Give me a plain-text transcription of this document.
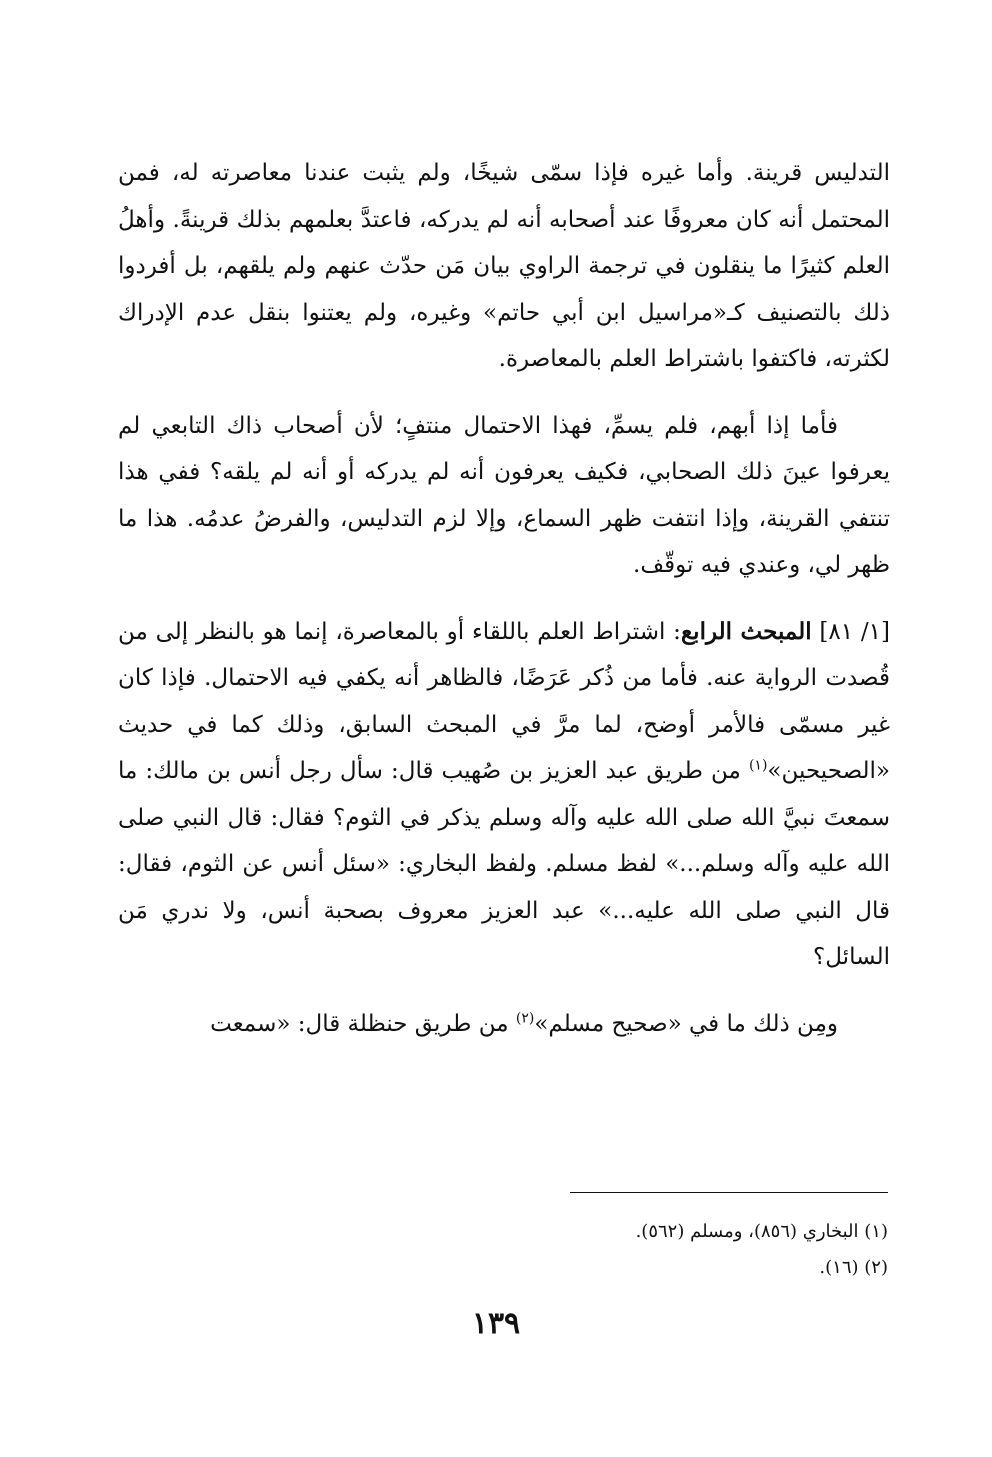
التدليس قرينة. وأما غيره فإذا سمّى شيخًا، ولم يثبت عندنا معاصرته له، فمن المحتمل أنه كان معروفًا عند أصحابه أنه لم يدركه، فاعتدَّ بعلمهم بذلك قرينةً. وأهلُ العلم كثيرًا ما ينقلون في ترجمة الراوي بيان مَن حدّث عنهم ولم يلقهم، بل أفردوا ذلك بالتصنيف كـ«مراسيل ابن أبي حاتم» وغيره، ولم يعتنوا بنقل عدم الإدراك لكثرته، فاكتفوا باشتراط العلم بالمعاصرة.

فأما إذا أبهم، فلم يسمِّ، فهذا الاحتمال منتفٍ؛ لأن أصحاب ذاك التابعي لم يعرفوا عينَ ذلك الصحابي، فكيف يعرفون أنه لم يدركه أو أنه لم يلقه؟ ففي هذا تنتفي القرينة، وإذا انتفت ظهر السماع، وإلا لزم التدليس، والفرضُ عدمُه. هذا ما ظهر لي، وعندي فيه توقّف.

[١/ ٨١] المبحث الرابع: اشتراط العلم باللقاء أو بالمعاصرة، إنما هو بالنظر إلى من قُصدت الرواية عنه. فأما من ذُكر عَرَضًا، فالظاهر أنه يكفي فيه الاحتمال. فإذا كان غير مسمّى فالأمر أوضح، لما مرَّ في المبحث السابق، وذلك كما في حديث «الصحيحين»$^{(١)}$ من طريق عبد العزيز بن صُهيب قال: سأل رجل أنس بن مالك: ما سمعتَ نبيَّ الله صلى الله عليه وآله وسلم يذكر في الثوم؟ فقال: قال النبي صلى الله عليه وآله وسلم...» لفظ مسلم. ولفظ البخاري: «سئل أنس عن الثوم، فقال: قال النبي صلى الله عليه...» عبد العزيز معروف بصحبة أنس، ولا ندري مَن السائل؟

ومِن ذلك ما في «صحيح مسلم»$^{(٢)}$ من طريق حنظلة قال: «سمعت

(١) البخاري (٨٥٦)، ومسلم (٥٦٢).
(٢) (١٦).
١٣٩
